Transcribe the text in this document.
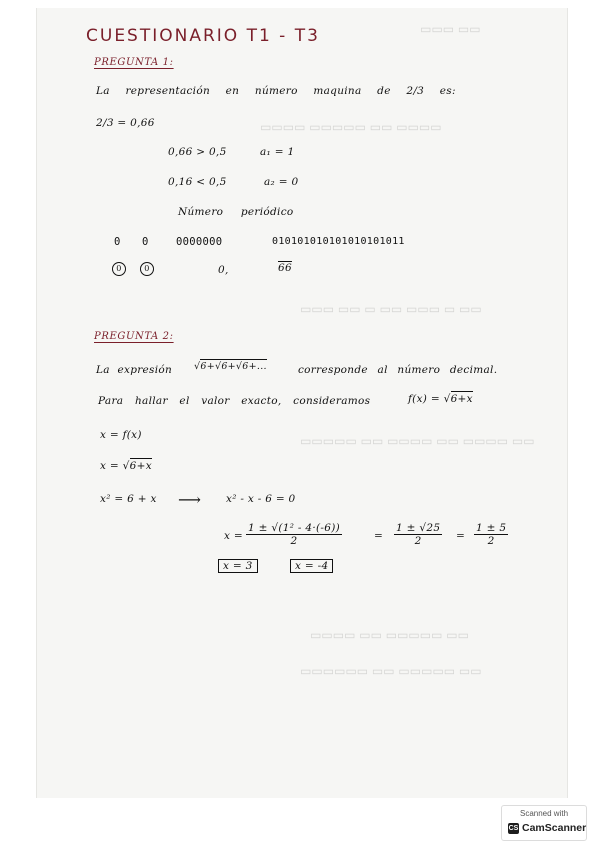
▭▭ ▭▭▭
▭▭▭▭ ▭▭ ▭▭▭▭▭ ▭▭▭▭
▭▭ ▭ ▭▭▭ ▭▭ ▭ ▭▭ ▭▭▭
▭▭ ▭▭▭▭ ▭▭ ▭▭▭▭ ▭▭ ▭▭▭▭▭
▭▭ ▭▭▭▭▭ ▭▭ ▭▭▭▭
▭▭ ▭▭▭▭▭ ▭▭ ▭▭▭▭▭▭
CUESTIONARIO T1 - T3
PREGUNTA 1:
La representación en número maquina de 2/3 es:
2/3 = 0,66
0,66 > 0,5	a₁ = 1
0,16 < 0,5	a₂ = 0
Número periódico
0 0	0000000	010101010101010101011
0	0	0,	66
PREGUNTA 2:
La expresión √6+√6+√6+...	corresponde al número decimal.
Para hallar el valor exacto, consideramos	f(x) = √6+x
x = f(x)
x = √6+x
x² = 6 + x ⟶ x² - x - 6 = 0
$x = \frac{\text{1 ± √(1² - 4·(-6))}}{2}$	= $\frac{1 \pm √25}{2} = \frac{1 \pm 5}{2}$
x = 3	x = -4
Scanned with
CS CamScanner
